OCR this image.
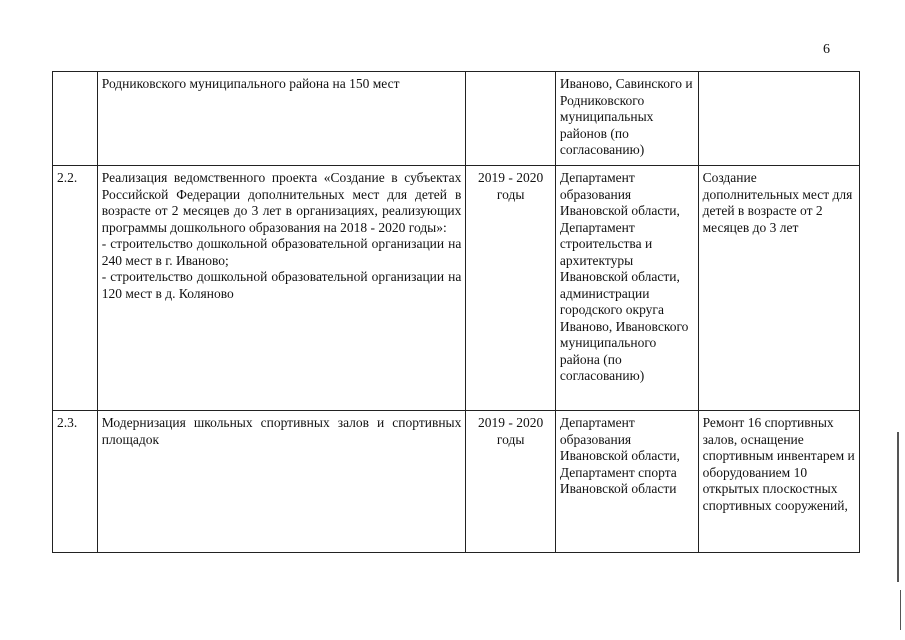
6

	Родниковского муниципального района на 150 мест		Иваново, Савинского и Родниковского муниципальных районов (по согласованию)	
2.2.	Реализация ведомственного проекта «Создание в субъектах Российской Федерации дополнительных мест для детей в возрасте от 2 месяцев до 3 лет в организациях, реализующих программы дошкольного образования на 2018 - 2020 годы»:
- строительство дошкольной образовательной организации на 240 мест в г. Иваново;
- строительство дошкольной образовательной организации на 120 мест в д. Коляново	2019 - 2020 годы	Департамент образования Ивановской области, Департамент строительства и архитектуры Ивановской области, администрации городского округа Иваново, Ивановского муниципального района (по согласованию)	Создание дополнительных мест для детей в возрасте от 2 месяцев до 3 лет
2.3.	Модернизация школьных спортивных залов и спортивных площадок	2019 - 2020 годы	Департамент образования Ивановской области, Департамент спорта Ивановской области	Ремонт 16 спортивных залов, оснащение спортивным инвентарем и оборудованием 10 открытых плоскостных спортивных сооружений,
